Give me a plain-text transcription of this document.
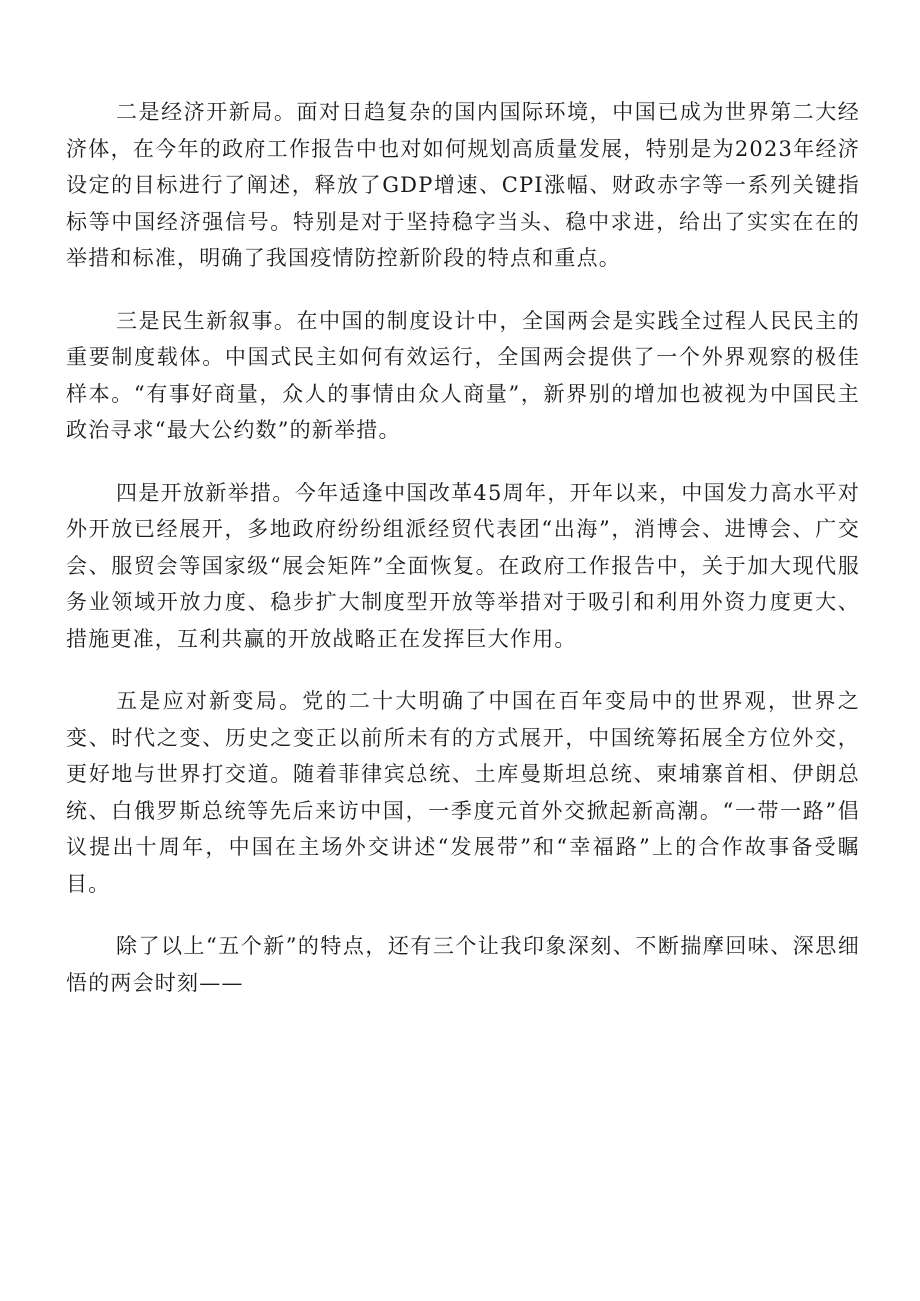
二是经济开新局。面对日趋复杂的国内国际环境，中国已成为世界第二大经济体，在今年的政府工作报告中也对如何规划高质量发展，特别是为2023年经济设定的目标进行了阐述，释放了GDP增速、CPI涨幅、财政赤字等一系列关键指标等中国经济强信号。特别是对于坚持稳字当头、稳中求进，给出了实实在在的举措和标准，明确了我国疫情防控新阶段的特点和重点。

三是民生新叙事。在中国的制度设计中，全国两会是实践全过程人民民主的重要制度载体。中国式民主如何有效运行，全国两会提供了一个外界观察的极佳样本。“有事好商量，众人的事情由众人商量”，新界别的增加也被视为中国民主政治寻求“最大公约数”的新举措。

四是开放新举措。今年适逢中国改革45周年，开年以来，中国发力高水平对外开放已经展开，多地政府纷纷组派经贸代表团“出海”，消博会、进博会、广交会、服贸会等国家级“展会矩阵”全面恢复。在政府工作报告中，关于加大现代服务业领域开放力度、稳步扩大制度型开放等举措对于吸引和利用外资力度更大、措施更准，互利共赢的开放战略正在发挥巨大作用。

五是应对新变局。党的二十大明确了中国在百年变局中的世界观，世界之变、时代之变、历史之变正以前所未有的方式展开，中国统筹拓展全方位外交，更好地与世界打交道。随着菲律宾总统、土库曼斯坦总统、柬埔寨首相、伊朗总统、白俄罗斯总统等先后来访中国，一季度元首外交掀起新高潮。“一带一路”倡议提出十周年，中国在主场外交讲述“发展带”和“幸福路”上的合作故事备受瞩目。

除了以上“五个新”的特点，还有三个让我印象深刻、不断揣摩回味、深思细悟的两会时刻——
